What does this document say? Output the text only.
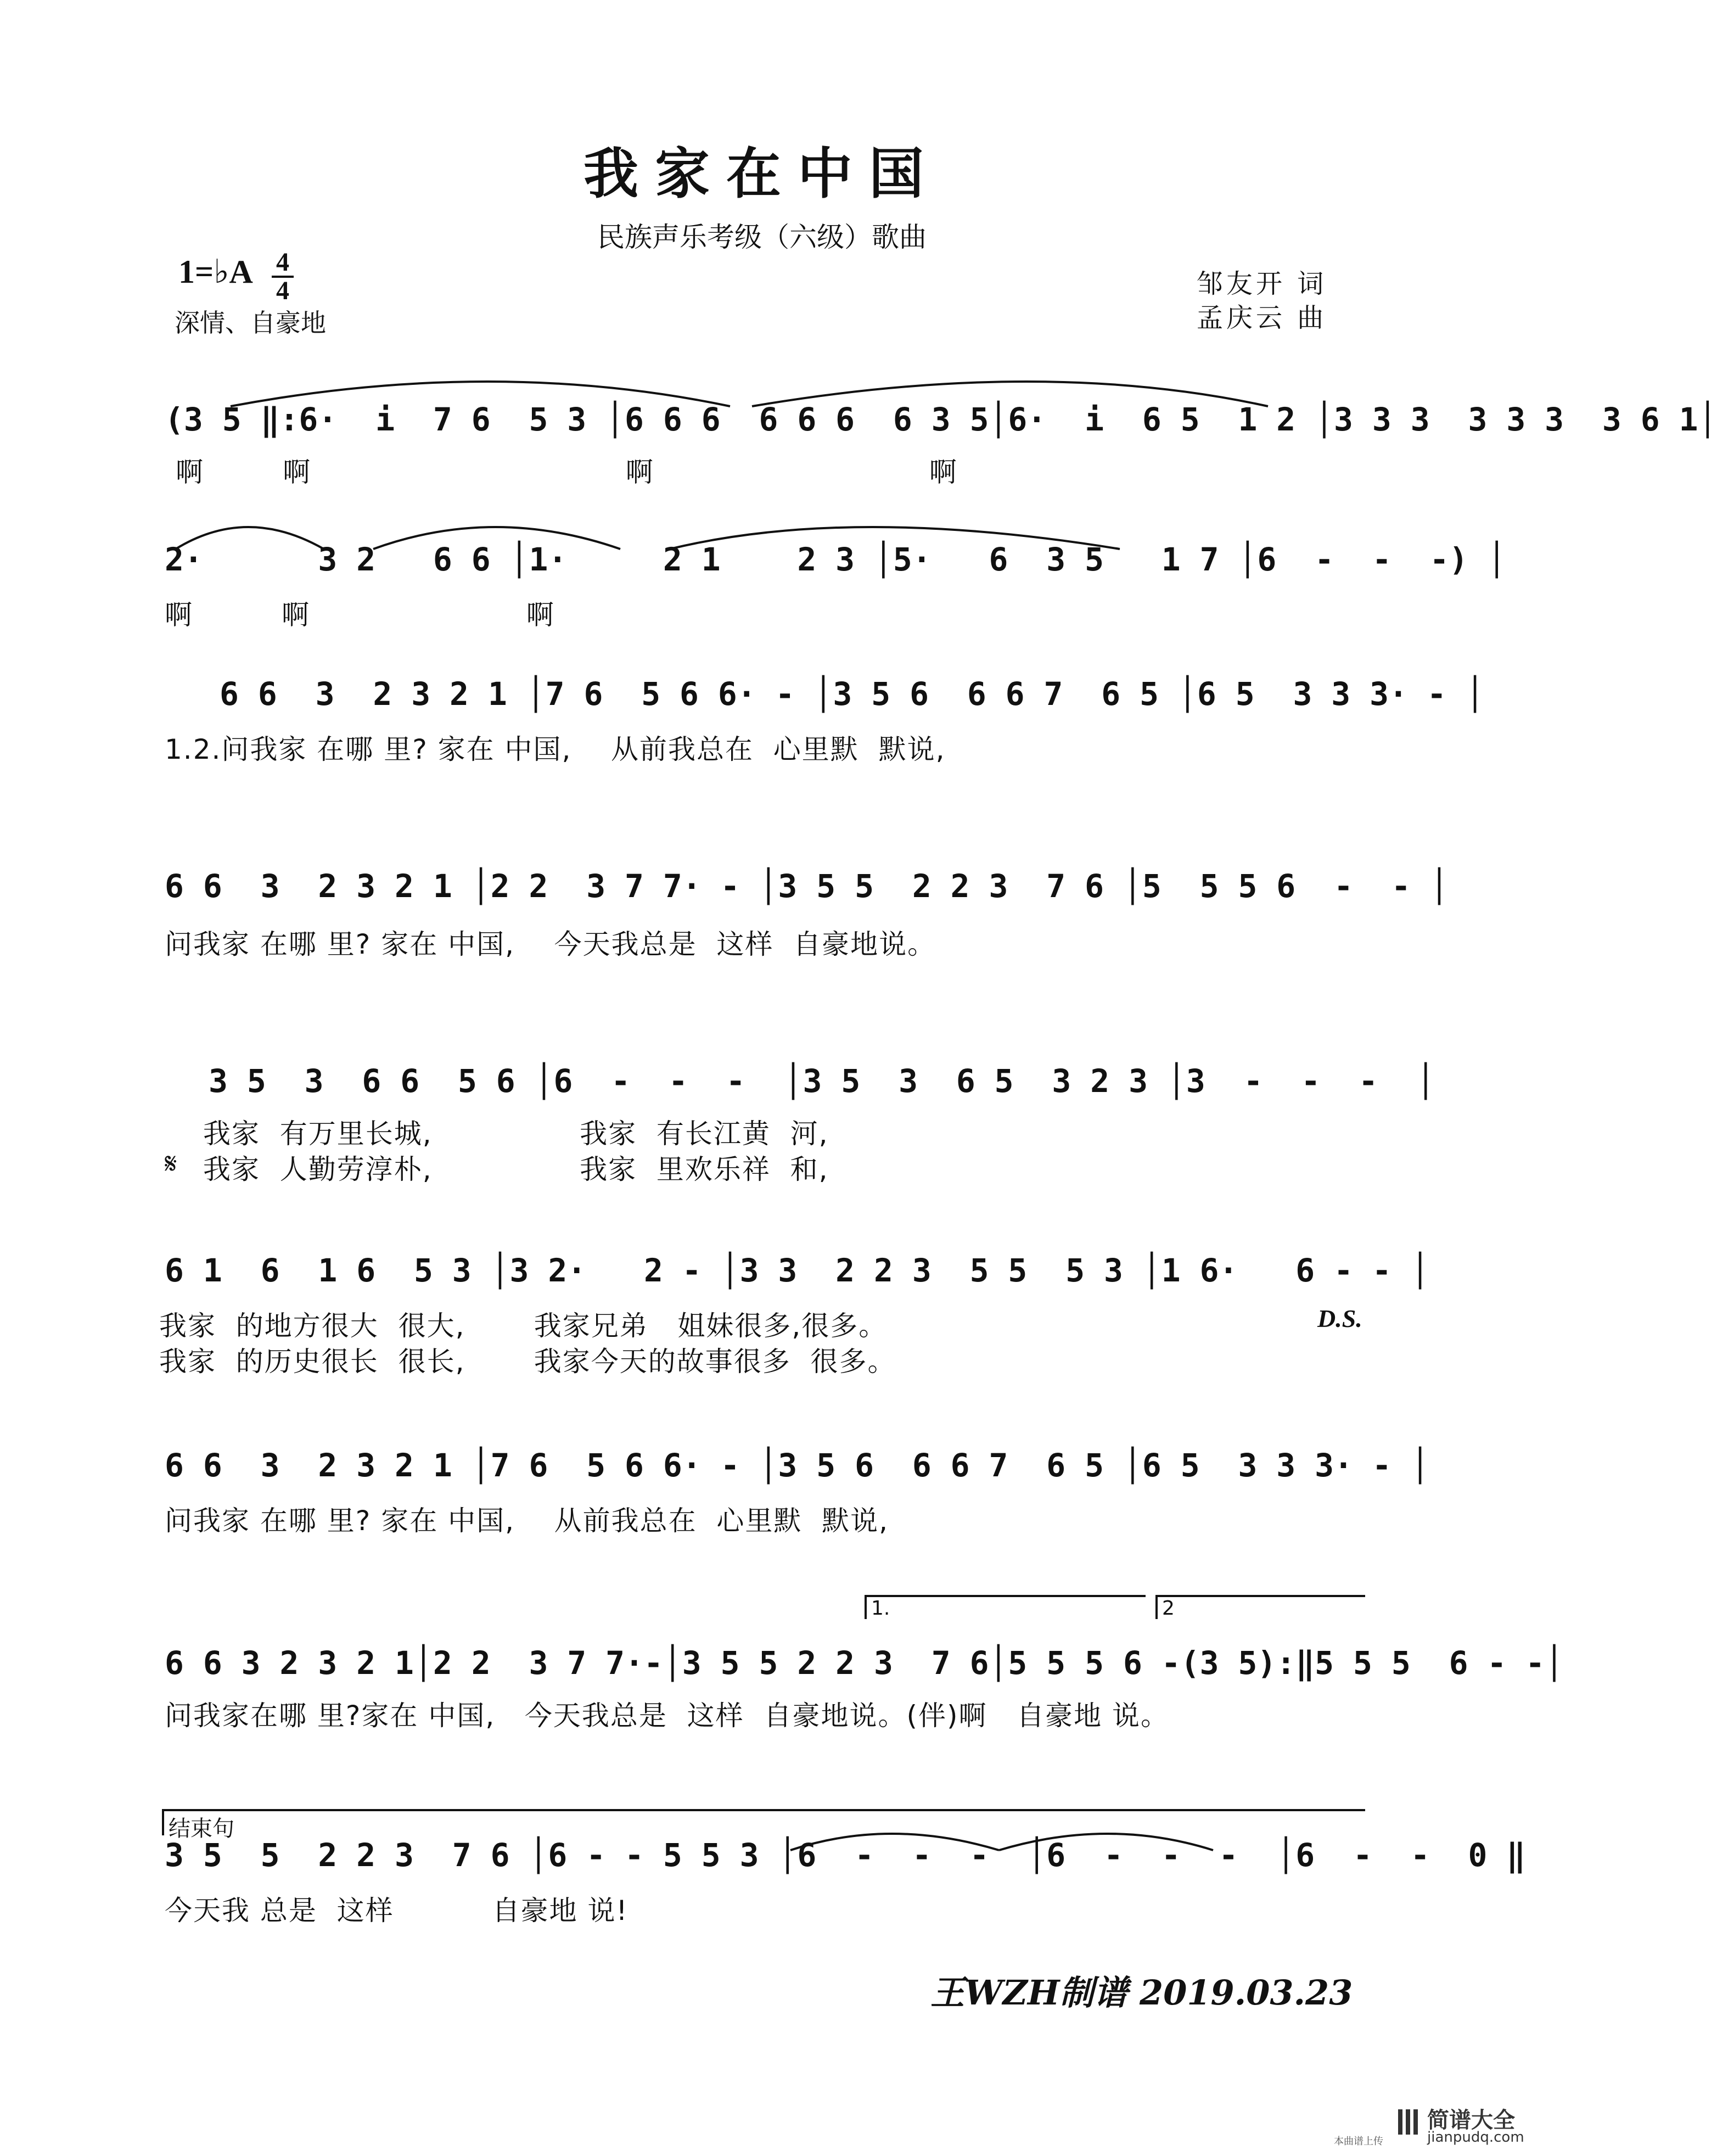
我家在中国
民族声乐考级（六级）歌曲
1=♭A 4
4
深情、自豪地
邹友开 词
孟庆云 曲
(3 5 ‖:6·  i  7 6  5 3 │6 6 6  6 6 6  6 3 5│6·  i  6 5  1 2 │3 3 3  3 3 3  3 6 1│
啊        啊                                啊                            啊
2·      3 2   6 6 │1·     2 1    2 3 │5·   6  3 5   1 7 │6  -  -  -) │
啊         啊                      啊
6 6  3  2 3 2 1 │7 6  5 6 6· - │3 5 6  6 6 7  6 5 │6 5  3 3 3· - │
1.2.问我家 在哪 里? 家在 中国,    从前我总在  心里默  默说,
6 6  3  2 3 2 1 │2 2  3 7 7· - │3 5 5  2 2 3  7 6 │5  5 5 6  -  - │
问我家 在哪 里? 家在 中国,    今天我总是  这样  自豪地说。
3 5  3  6 6  5 6 │6  -  -  -  │3 5  3  6 5  3 2 3 │3  -  -  -  │
𝄋
我家  有万里长城,               我家  有长江黄  河,
我家  人勤劳淳朴,               我家  里欢乐祥  和,
6 1  6  1 6  5 3 │3 2·   2 - │3 3  2 2 3  5 5  5 3 │1 6·   6 - - │
我家  的地方很大  很大,       我家兄弟   姐妹很多,很多。
我家  的历史很长  很长,       我家今天的故事很多  很多。
D.S.
6 6  3  2 3 2 1 │7 6  5 6 6· - │3 5 6  6 6 7  6 5 │6 5  3 3 3· - │
问我家 在哪 里? 家在 中国,    从前我总在  心里默  默说,
1.	2
6 6 3 2 3 2 1│2 2  3 7 7·-│3 5 5 2 2 3  7 6│5 5 5 6 -(3 5):‖5 5 5  6 - -│
问我家在哪 里?家在 中国,   今天我总是  这样  自豪地说。(伴)啊   自豪地 说。
结束句
3 5  5  2 2 3  7 6 │6 - - 5 5 3 │6  -  -  -  │6  -  -  -  │6  -  -  0 ‖
今天我 总是  这样          自豪地 说!
王WZH制谱 2019.03.23
本曲谱上传
简谱大全
jianpudq.com
